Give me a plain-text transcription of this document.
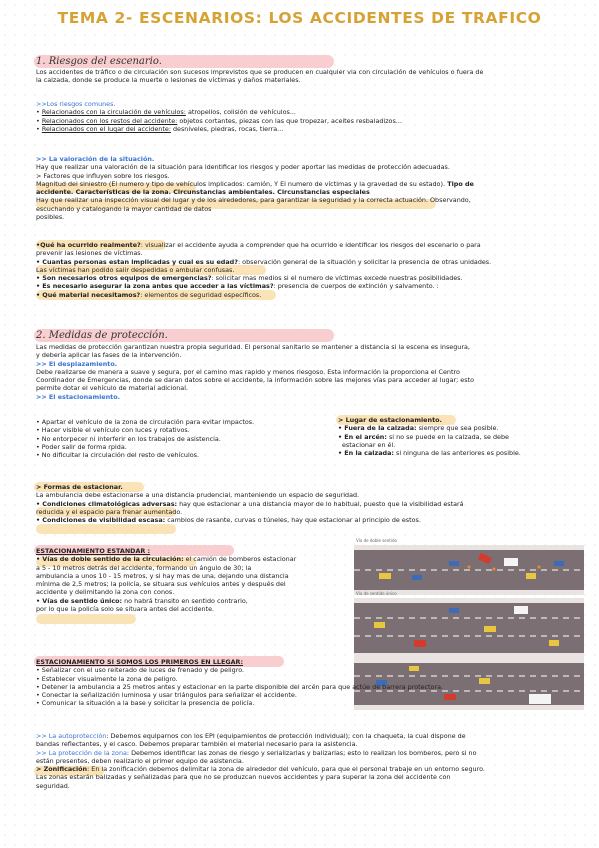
TEMA 2- ESCENARIOS: LOS ACCIDENTES DE TRAFICO
1. Riesgos del escenario.
Los accidentes de tráfico o de circulación son sucesos imprevistos que se producen en cualquier via con circulación de vehículos o fuera de
la calzada, donde se produce la muerte o lesiones de víctimas y daños materiales.
>>Los riesgos comunes.
• Relacionados con la circulación de vehículos: atropellos, colisión de vehículos...
• Relacionados con los restos del accidente: objetos cortantes, piezas con las que tropezar, aceites resbaladizos...
• Relacionados con el lugar del accidente: desniveles, piedras, rocas, tierra...
>> La valoración de la situación.
Hay que realizar una valoración de la situación para identificar los riesgos y poder aportar las medidas de protección adecuadas.
> Factores que influyen sobre los riesgos.
Magnitud del siniestro (El numero y tipo de vehículos implicados: camión, Y El numero de víctimas y la gravedad de su estado). Tipo de
accidente. Características de la zona. Circunstancias ambientales. Circunstancias especiales
Hay que realizar una inspección visual del lugar y de los alrededores, para garantizar la seguridad y la correcta actuación. Observando,
escuchando y catalogando la mayor cantidad de datos
posibles.
•Qué ha ocurrido realmente?: visualizar el accidente ayuda a comprender que ha ocurrido e identificar los riesgos del escenario o para
prevenir las lesiones de víctimas.
• Cuantas personas estan implicadas y cual es su edad?: observación general de la situación y solicitar la presencia de otras unidades.
Las víctimas han podido salir despedidas o ambular confusas.
• Son necesarios otros equipos de emergencias?: solicitar mas medios si el numero de víctimas excede nuestras posibilidades.
• Es necesario asegurar la zona antes que acceder a las víctimas?: presencia de cuerpos de extinción y salvamento. :
• Qué material necesitamos?: elementos de seguridad específicos.
2. Medidas de protección.
Las medidas de protección garantizan nuestra propia seguridad. El personal sanitario se mantener a distancia si la escena es insegura,
y debería aplicar las fases de la intervención.
>> El desplazamiento.
Debe realizarse de manera a suave y segura, por el camino mas rapido y menos riesgoso. Esta información la proporciona el Centro
Coordinador de Emergencias, donde se daran datos sobre el accidente, la información sobre las mejores vías para acceder al lugar; esto
permite dotar el vehículo de material adicional.
>> El estacionamiento.
• Apartar el vehículo de la zona de circulación para evitar impactos.
• Hacer visible el vehículo con luces y rotativos.
• No entorpecer ni interferir en los trabajos de asistencia.
• Poder salir de forma rpida.
• No dificultar la circulación del resto de vehículos.
> Lugar de estacionamiento.
• Fuera de la calzada: siempre que sea posible.
• En el arcén: si no se puede en la calzada, se debe
estacionar en él.
• En la calzada: si ninguna de las anteriores es posible.
> Formas de estacionar.
La ambulancia debe estacionarse a una distancia prudencial, manteniendo un espacio de seguridad.
• Condiciones climatológicas adversas: hay que estacionar a una distancia mayor de lo habitual, puesto que la visibilidad estará
reducida y el espacio para frenar aumentado.
• Condiciones de visibilidad escasa: cambios de rasante, curvas o túneles, hay que estacionar al principio de estos.
ESTACIONAMIENTO ESTANDAR :
• Vías de doble sentido de la circulación: el camión de bomberos estacionar
a 5 - 10 metros detrás del accidente, formando un ángulo de 30; la
ambulancia a unos 10 - 15 metros, y si hay mas de una, dejando una distancia
mínima de 2,5 metros; la policía, se situara sus vehículos antes y después del
accidente y delimitando la zona con conos.
• Vías de sentido único: no habrá transito en sentido contrario,
por lo que la policía solo se situara antes del accidente.
Vía de doble sentido
Vía de sentido único
ESTACIONAMIENTO SI SOMOS LOS PRIMEROS EN LLEGAR:
• Señalizar con el uso reiterado de luces de frenado y de peligro.
• Establecer visualmente la zona de peligro.
• Detener la ambulancia a 25 metros antes y estacionar en la parte disponible del arcén para que actúe de barrera protectora.
• Conectar la señalización luminosa y usar triángulos para señalizar el accidente.
• Comunicar la situación a la base y solicitar la presencia de policía.
>> La autoprotección: Debemos equiparnos con los EPI (equipamientos de protección individual); con la chaqueta, la cual dispone de
bandas reflectantes, y el casco. Debemos preparar también el material necesario para la asistencia.
>> La protección de la zona: Debemos identificar las zonas de riesgo y serializarlas y balizarlas; esto lo realizan los bomberos, pero si no
están presentes, deben realizarlo el primer equipo de asistencia.
> Zonificación: En la zonificación debemos delimitar la zona de alrededor del vehículo, para que el personal trabaje en un entorno seguro.
Las zonas estarán balizadas y señalizadas para que no se produzcan nuevos accidentes y para superar la zona del accidente con
seguridad.
